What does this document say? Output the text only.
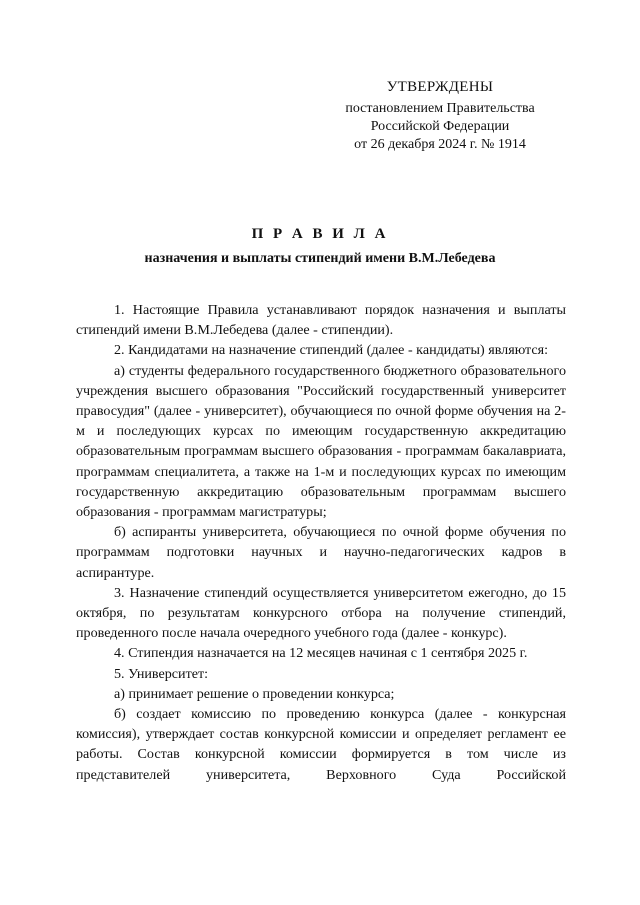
УТВЕРЖДЕНЫ
постановлением Правительства
Российской Федерации
от 26 декабря 2024 г. № 1914
П Р А В И Л А
назначения и выплаты стипендий имени В.М.Лебедева

1. Настоящие Правила устанавливают порядок назначения и выплаты стипендий имени В.М.Лебедева (далее - стипендии).

2. Кандидатами на назначение стипендий (далее - кандидаты) являются:

а) студенты федерального государственного бюджетного образовательного учреждения высшего образования "Российский государственный университет правосудия" (далее - университет), обучающиеся по очной форме обучения на 2-м и последующих курсах по имеющим государственную аккредитацию образовательным программам высшего образования - программам бакалавриата, программам специалитета, а также на 1-м и последующих курсах по имеющим государственную аккредитацию образовательным программам высшего образования - программам магистратуры;

б) аспиранты университета, обучающиеся по очной форме обучения по программам подготовки научных и научно-педагогических кадров в аспирантуре.

3. Назначение стипендий осуществляется университетом ежегодно, до 15 октября, по результатам конкурсного отбора на получение стипендий, проведенного после начала очередного учебного года (далее - конкурс).

4. Стипендия назначается на 12 месяцев начиная с 1 сентября 2025 г.

5. Университет:

а) принимает решение о проведении конкурса;

б) создает комиссию по проведению конкурса (далее - конкурсная комиссия), утверждает состав конкурсной комиссии и определяет регламент ее работы. Состав конкурсной комиссии формируется в том числе из представителей университета, Верховного Суда Российской
